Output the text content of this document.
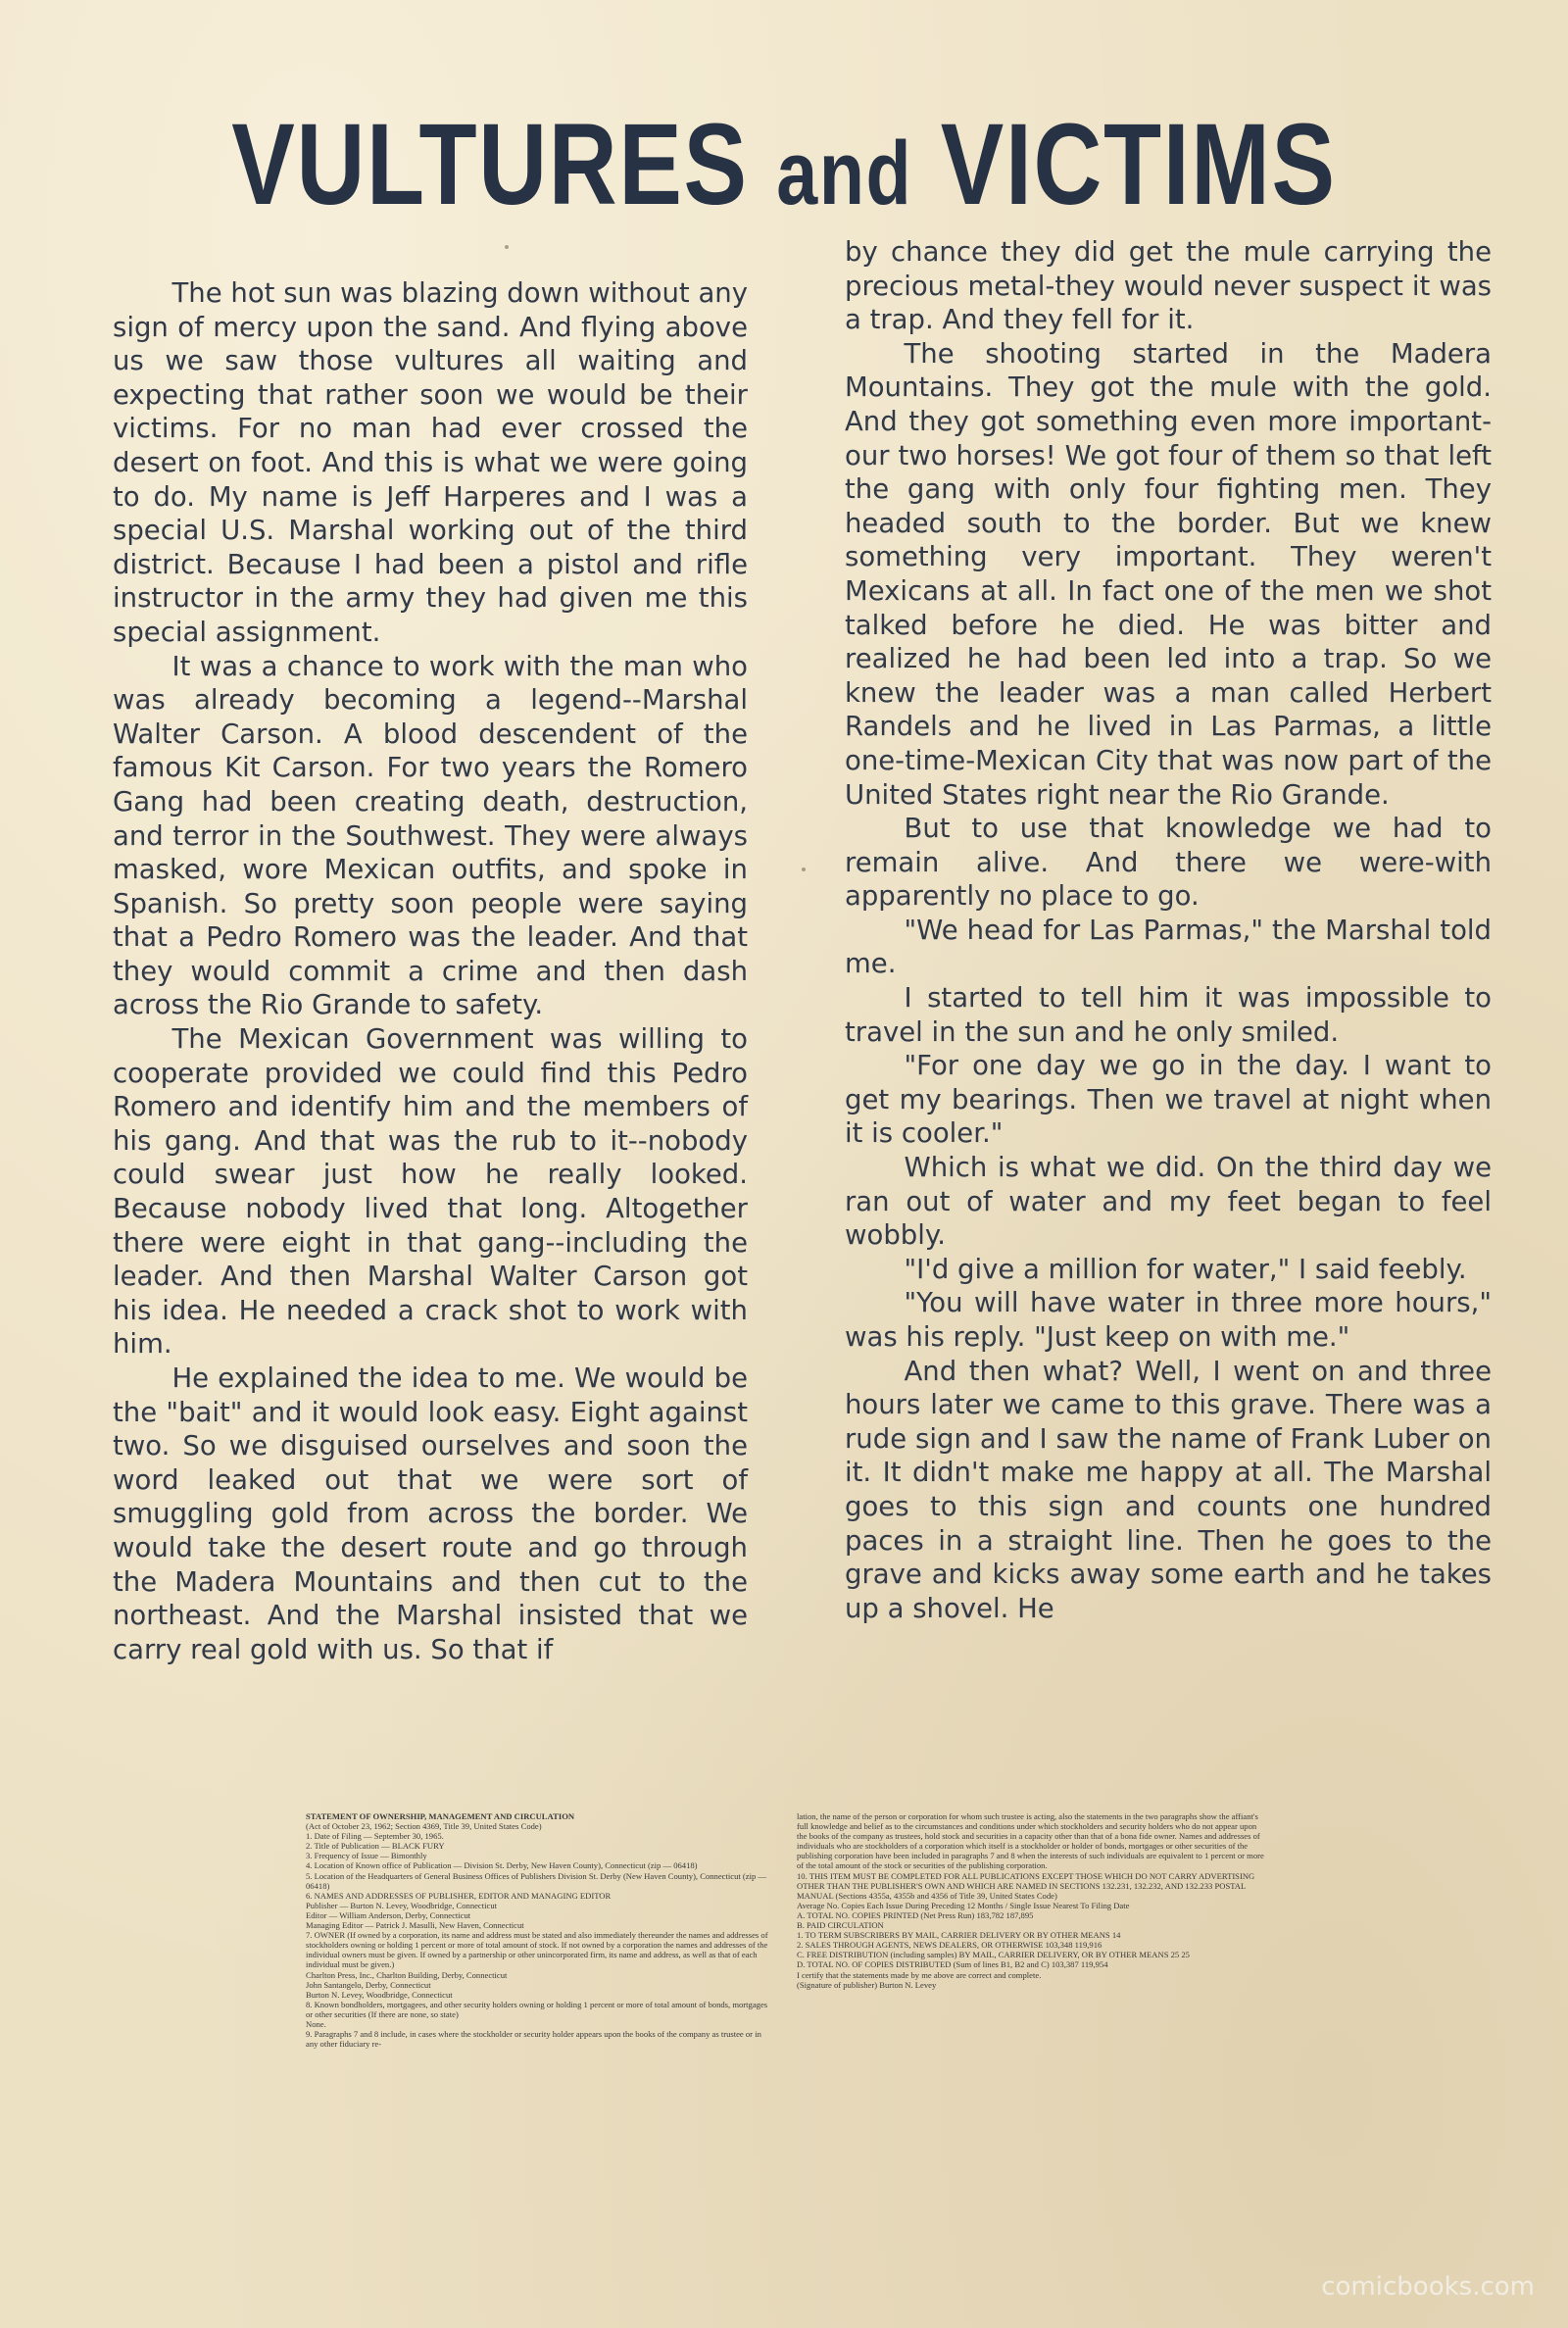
VULTURES and VICTIMS

The hot sun was blazing down without any sign of mercy upon the sand. And flying above us we saw those vultures all waiting and expecting that rather soon we would be their victims. For no man had ever crossed the desert on foot. And this is what we were going to do. My name is Jeff Harperes and I was a special U.S. Marshal working out of the third district. Because I had been a pistol and rifle instructor in the army they had given me this special assignment.

It was a chance to work with the man who was already becoming a legend--Marshal Walter Carson. A blood descendent of the famous Kit Carson. For two years the Romero Gang had been creating death, destruction, and terror in the Southwest. They were always masked, wore Mexican outfits, and spoke in Spanish. So pretty soon people were saying that a Pedro Romero was the leader. And that they would commit a crime and then dash across the Rio Grande to safety.

The Mexican Government was willing to cooperate provided we could find this Pedro Romero and identify him and the members of his gang. And that was the rub to it--nobody could swear just how he really looked. Because nobody lived that long. Altogether there were eight in that gang--including the leader. And then Marshal Walter Carson got his idea. He needed a crack shot to work with him.

He explained the idea to me. We would be the "bait" and it would look easy. Eight against two. So we disguised ourselves and soon the word leaked out that we were sort of smuggling gold from across the border. We would take the desert route and go through the Madera Mountains and then cut to the northeast. And the Marshal insisted that we carry real gold with us. So that if

by chance they did get the mule carrying the precious metal-they would never suspect it was a trap. And they fell for it.

The shooting started in the Madera Mountains. They got the mule with the gold. And they got something even more important-our two horses! We got four of them so that left the gang with only four fighting men. They headed south to the border. But we knew something very important. They weren't Mexicans at all. In fact one of the men we shot talked before he died. He was bitter and realized he had been led into a trap. So we knew the leader was a man called Herbert Randels and he lived in Las Parmas, a little one-time-Mexican City that was now part of the United States right near the Rio Grande.

But to use that knowledge we had to remain alive. And there we were-with apparently no place to go.

"We head for Las Parmas," the Marshal told me.

I started to tell him it was impossible to travel in the sun and he only smiled.

"For one day we go in the day. I want to get my bearings. Then we travel at night when it is cooler."

Which is what we did. On the third day we ran out of water and my feet began to feel wobbly.

"I'd give a million for water," I said feebly.

"You will have water in three more hours," was his reply. "Just keep on with me."

And then what? Well, I went on and three hours later we came to this grave. There was a rude sign and I saw the name of Frank Luber on it. It didn't make me happy at all. The Marshal goes to this sign and counts one hundred paces in a straight line. Then he goes to the grave and kicks away some earth and he takes up a shovel. He

STATEMENT OF OWNERSHIP, MANAGEMENT AND CIRCULATION
(Act of October 23, 1962; Section 4369, Title 39, United States Code)
1. Date of Filing — September 30, 1965.
2. Title of Publication — BLACK FURY
3. Frequency of Issue — Bimonthly
4. Location of Known office of Publication — Division St. Derby, New Haven County), Connecticut (zip — 06418)
5. Location of the Headquarters of General Business Offices of Publishers Division St. Derby (New Haven County), Connecticut (zip — 06418)
6. NAMES AND ADDRESSES OF PUBLISHER, EDITOR AND MANAGING EDITOR
Publisher — Burton N. Levey, Woodbridge, Connecticut
Editor — William Anderson, Derby, Connecticut
Managing Editor — Patrick J. Masulli, New Haven, Connecticut
7. OWNER (If owned by a corporation, its name and address must be stated and also immediately thereunder the names and addresses of stockholders owning or holding 1 percent or more of total amount of stock. If not owned by a corporation the names and addresses of the individual owners must be given. If owned by a partnership or other unincorporated firm, its name and address, as well as that of each individual must be given.)
Charlton Press, Inc., Charlton Building, Derby, Connecticut
John Santangelo, Derby, Connecticut
Burton N. Levey, Woodbridge, Connecticut
8. Known bondholders, mortgagees, and other security holders owning or holding 1 percent or more of total amount of bonds, mortgages or other securities (If there are none, so state)
None.
9. Paragraphs 7 and 8 include, in cases where the stockholder or security holder appears upon the books of the company as trustee or in any other fiduciary re-
lation, the name of the person or corporation for whom such trustee is acting, also the statements in the two paragraphs show the affiant's full knowledge and belief as to the circumstances and conditions under which stockholders and security holders who do not appear upon the books of the company as trustees, hold stock and securities in a capacity other than that of a bona fide owner. Names and addresses of individuals who are stockholders of a corporation which itself is a stockholder or holder of bonds, mortgages or other securities of the publishing corporation have been included in paragraphs 7 and 8 when the interests of such individuals are equivalent to 1 percent or more of the total amount of the stock or securities of the publishing corporation.
10. THIS ITEM MUST BE COMPLETED FOR ALL PUBLICATIONS EXCEPT THOSE WHICH DO NOT CARRY ADVERTISING OTHER THAN THE PUBLISHER'S OWN AND WHICH ARE NAMED IN SECTIONS 132.231, 132.232, AND 132.233 POSTAL MANUAL (Sections 4355a, 4355b and 4356 of Title 39, United States Code)
Average No. Copies Each Issue During Preceding 12 Months / Single Issue Nearest To Filing Date
A. TOTAL NO. COPIES PRINTED (Net Press Run) 183,782 187,895
B. PAID CIRCULATION
1. TO TERM SUBSCRIBERS BY MAIL, CARRIER DELIVERY OR BY OTHER MEANS 14
2. SALES THROUGH AGENTS, NEWS DEALERS, OR OTHERWISE 103,348 119,916
C. FREE DISTRIBUTION (including samples) BY MAIL, CARRIER DELIVERY, OR BY OTHER MEANS 25 25
D. TOTAL NO. OF COPIES DISTRIBUTED (Sum of lines B1, B2 and C) 103,387 119,954
I certify that the statements made by me above are correct and complete.
(Signature of publisher) Burton N. Levey
comicbooks.com
